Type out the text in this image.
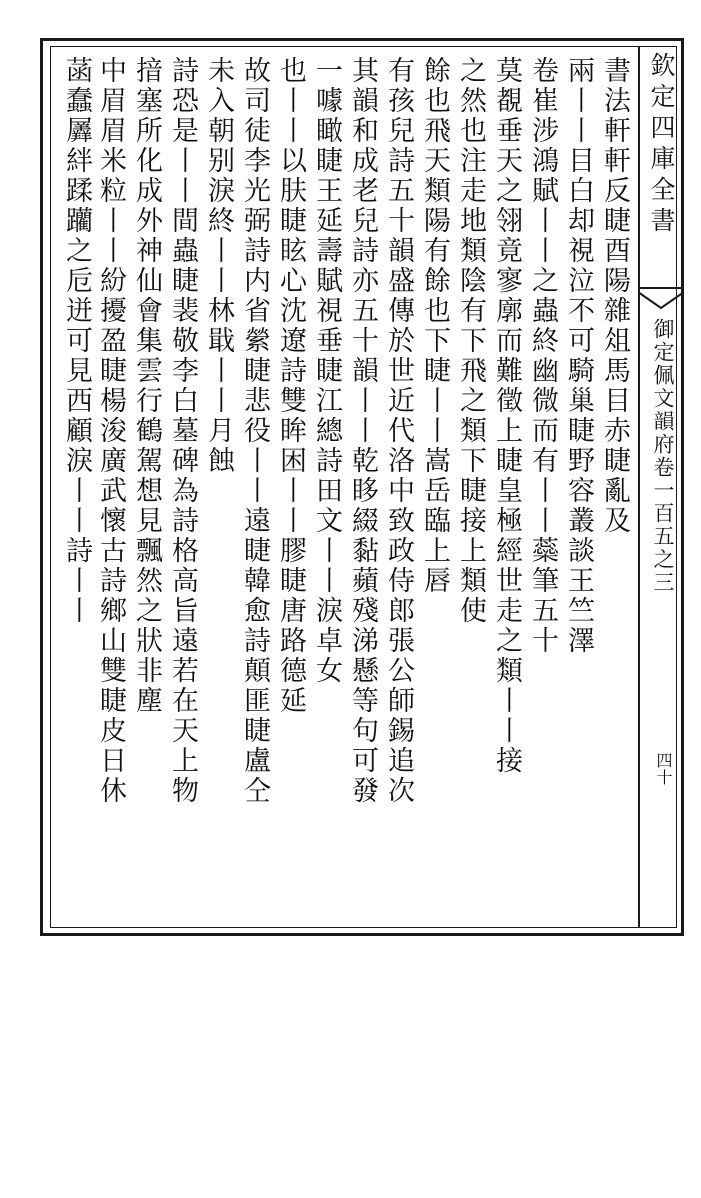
欽定四庫全書
御定佩文韻府卷一百五之三
四十
書法軒軒反睫酉陽雜俎馬目赤睫亂及
兩丨丨目白却視泣不可騎巢睫野容叢談王竺澤
卷崔涉鴻賦丨丨之蟲終幽微而有丨丨蘂筆五十
莫覩垂天之翎竟寥廓而難徵上睫皇極經世走之類丨丨接
之然也注走地類陰有下飛之類下睫接上類使
餘也飛天類陽有餘也下睫丨丨嵩岳臨上唇
有孩兒詩五十韻盛傳於世近代洛中致政侍郎張公師錫追次
其韻和成老兒詩亦五十韻丨丨乾眵綴黏蘋殘涕懸等句可發
一噱瞰睫王延壽賦視垂睫江總詩田文丨丨淚卓女
也丨丨以肤睫眩心沈遼詩雙眸困丨丨膠睫唐路德延
故司徒李光弼詩内省縈睫悲役丨丨遠睫韓愈詩顛匪睫盧仝
未入朝别淚終丨丨林戢丨丨月蝕
詩恐是丨丨間蟲睫裴敬李白墓碑為詩格高旨遠若在天上物
揞塞所化成外神仙會集雲行鶴駕想見飄然之狀非塵
中眉眉米粒丨丨紛擾盈睫楊浚廣武懷古詩鄉山雙睫皮日休
菡蠢羼絆蹂躪之卮迸可見西顧淚丨丨詩丨丨
